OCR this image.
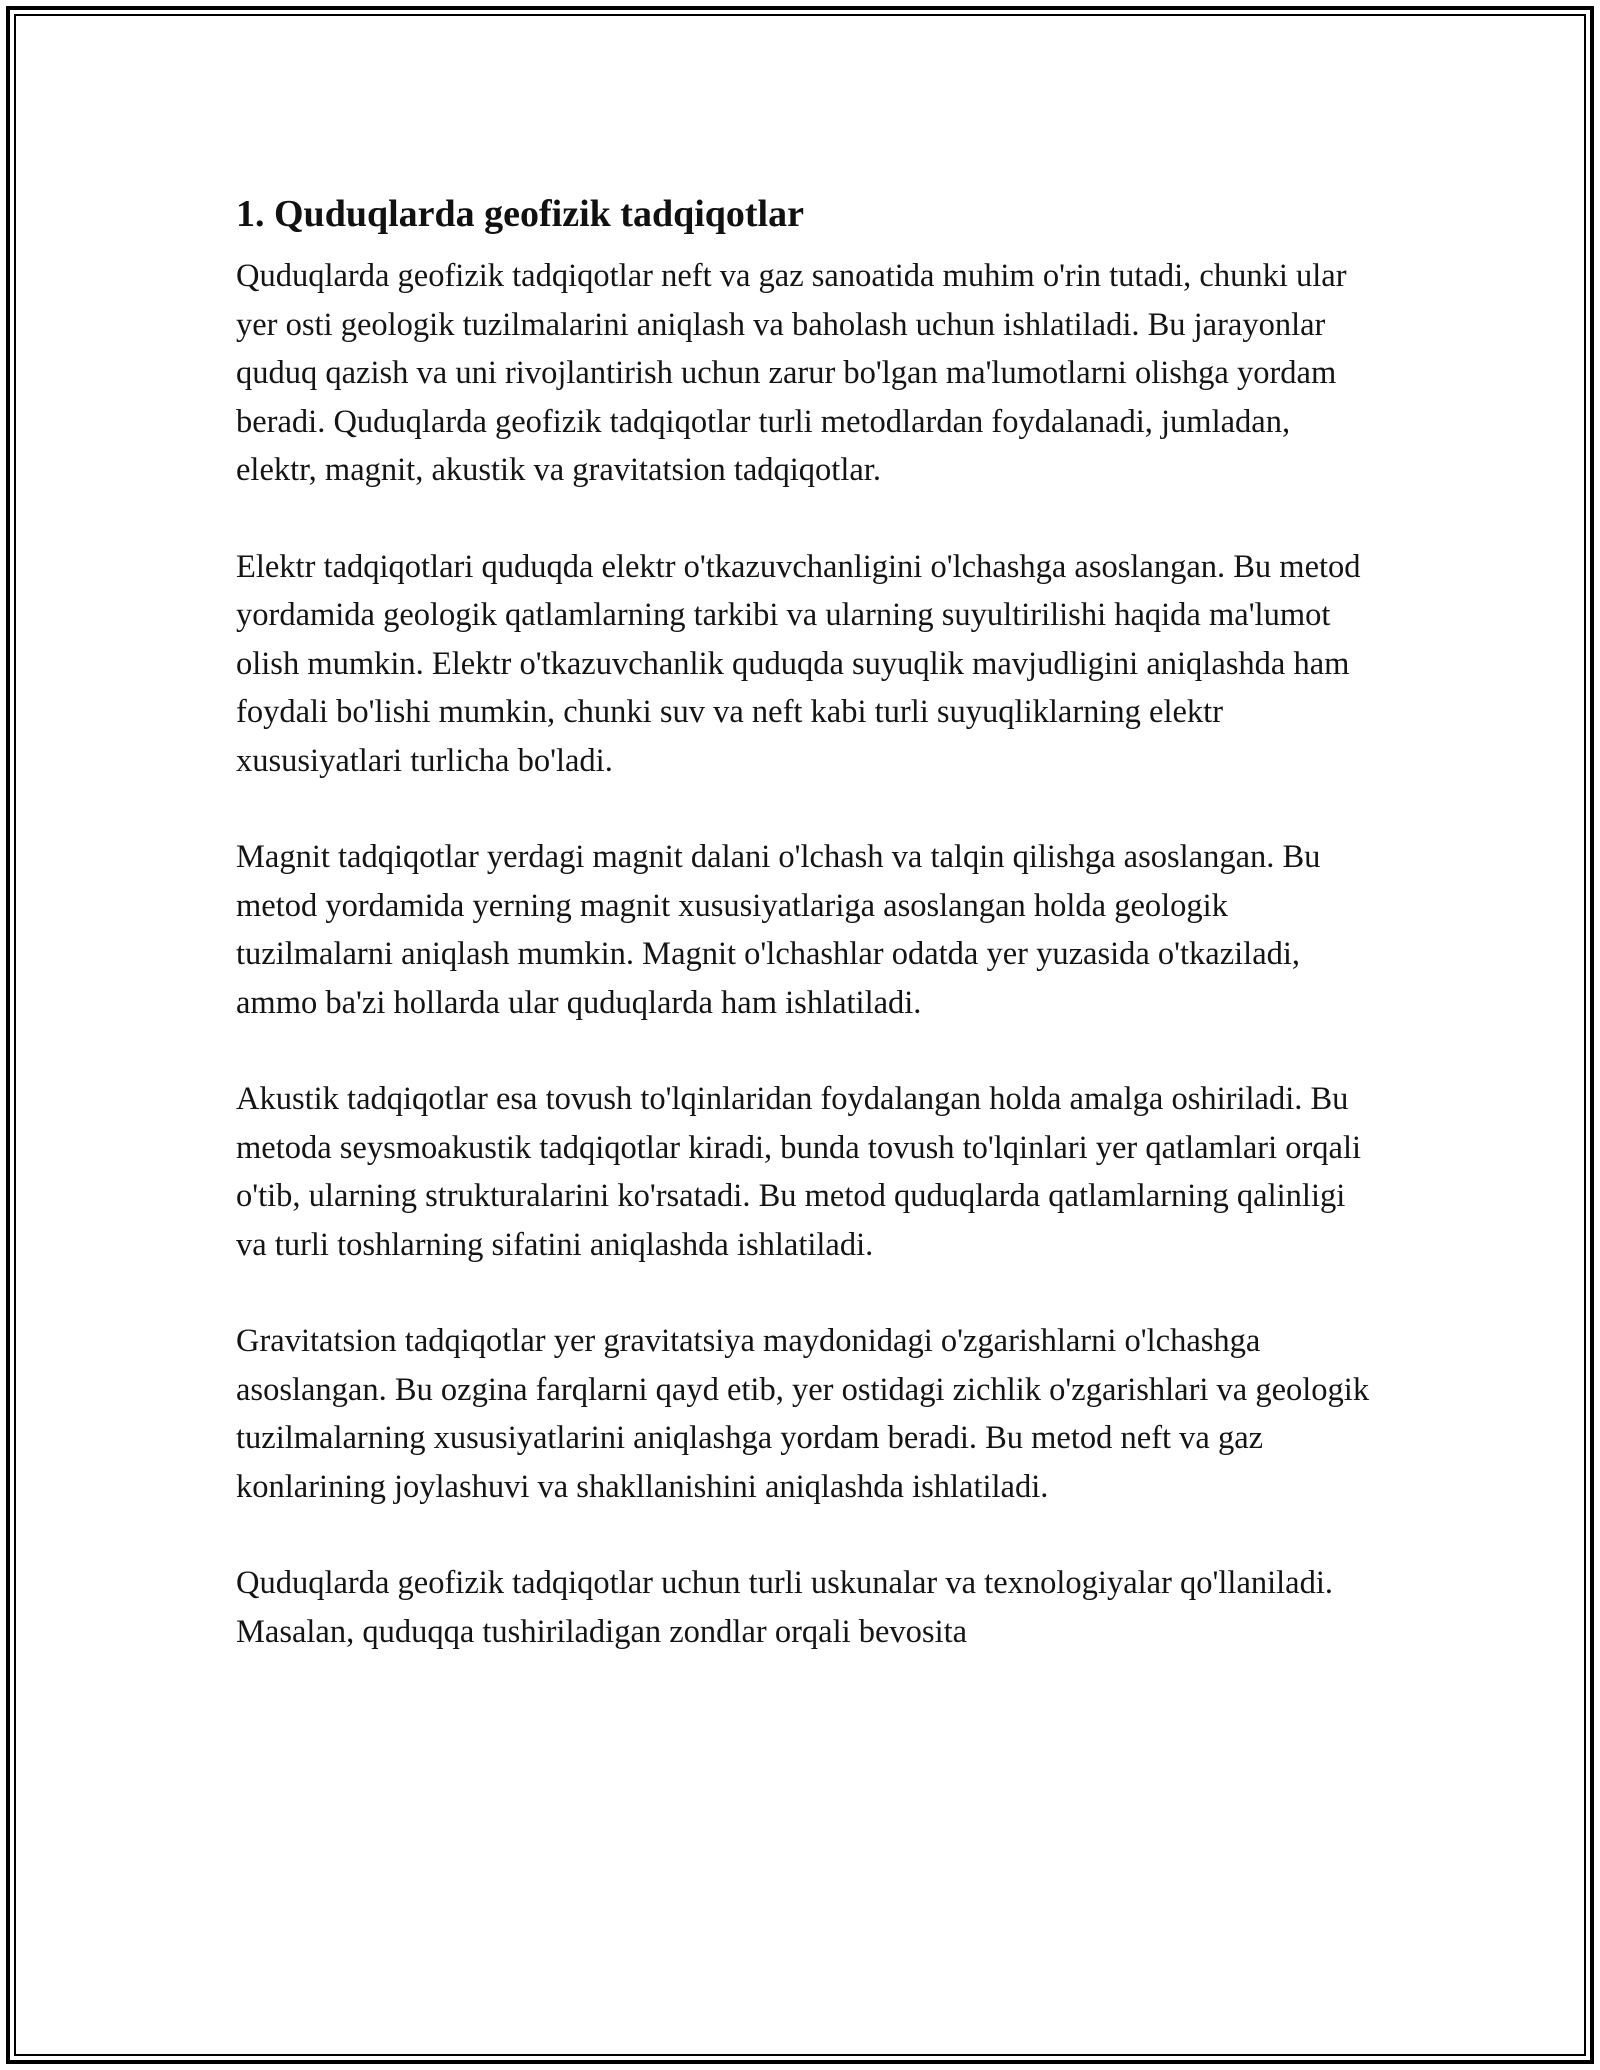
1. Quduqlarda geofizik tadqiqotlar

Quduqlarda geofizik tadqiqotlar neft va gaz sanoatida muhim o'rin tutadi, chunki ular yer osti geologik tuzilmalarini aniqlash va baholash uchun ishlatiladi. Bu jarayonlar quduq qazish va uni rivojlantirish uchun zarur bo'lgan ma'lumotlarni olishga yordam beradi. Quduqlarda geofizik tadqiqotlar turli metodlardan foydalanadi, jumladan, elektr, magnit, akustik va gravitatsion tadqiqotlar.

Elektr tadqiqotlari quduqda elektr o'tkazuvchanligini o'lchashga asoslangan. Bu metod yordamida geologik qatlamlarning tarkibi va ularning suyultirilishi haqida ma'lumot olish mumkin. Elektr o'tkazuvchanlik quduqda suyuqlik mavjudligini aniqlashda ham foydali bo'lishi mumkin, chunki suv va neft kabi turli suyuqliklarning elektr xususiyatlari turlicha bo'ladi.

Magnit tadqiqotlar yerdagi magnit dalani o'lchash va talqin qilishga asoslangan. Bu metod yordamida yerning magnit xususiyatlariga asoslangan holda geologik tuzilmalarni aniqlash mumkin. Magnit o'lchashlar odatda yer yuzasida o'tkaziladi, ammo ba'zi hollarda ular quduqlarda ham ishlatiladi.

Akustik tadqiqotlar esa tovush to'lqinlaridan foydalangan holda amalga oshiriladi. Bu metoda seysmoakustik tadqiqotlar kiradi, bunda tovush to'lqinlari yer qatlamlari orqali o'tib, ularning strukturalarini ko'rsatadi. Bu metod quduqlarda qatlamlarning qalinligi va turli toshlarning sifatini aniqlashda ishlatiladi.

Gravitatsion tadqiqotlar yer gravitatsiya maydonidagi o'zgarishlarni o'lchashga asoslangan. Bu ozgina farqlarni qayd etib, yer ostidagi zichlik o'zgarishlari va geologik tuzilmalarning xususiyatlarini aniqlashga yordam beradi. Bu metod neft va gaz konlarining joylashuvi va shakllanishini aniqlashda ishlatiladi.

Quduqlarda geofizik tadqiqotlar uchun turli uskunalar va texnologiyalar qo'llaniladi. Masalan, quduqqa tushiriladigan zondlar orqali bevosita
